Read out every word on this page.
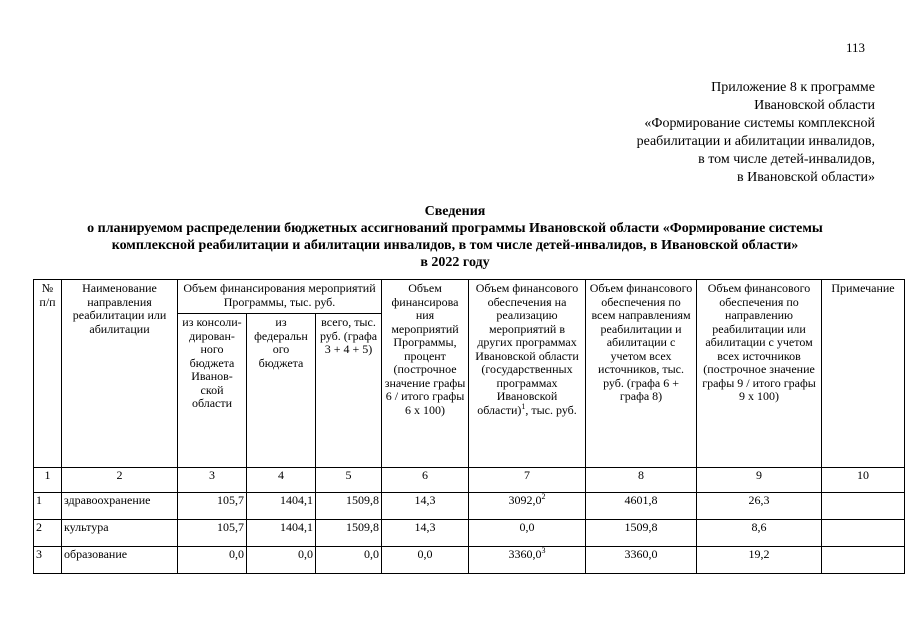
113
Приложение 8 к программе
Ивановской области
«Формирование системы комплексной
реабилитации и абилитации инвалидов,
в том числе детей-инвалидов,
в Ивановской области»
Сведения
о планируемом распределении бюджетных ассигнований программы Ивановской области «Формирование системы
комплексной реабилитации и абилитации инвалидов, в том числе детей-инвалидов, в Ивановской области»
в 2022 году
№ п/п	Наименование направления реабилитации или абилитации	Объем финансирования мероприятий Программы, тыс. руб.			Объем финансирова ния мероприятий Программы, процент (построчное значение графы 6 / итого графы 6 х 100)	Объем финансового обеспечения на реализацию мероприятий в других программах Ивановской области (государственных программах Ивановской области)$^1$, тыс. руб.	Объем финансового обеспечения по всем направлениям реабилитации и абилитации с учетом всех источников, тыс. руб. (графа 6 + графа 8)	Объем финансового обеспечения по направлению реабилитации или абилитации с учетом всех источников (построчное значение графы 9 / итого графы 9 х 100)	Примечание
		из консоли-дирован-ного бюджета Иванов-ской области	из федеральн ого бюджета	всего, тыс. руб. (графа 3 + 4 + 5)					
1	2	3	4	5	6	7	8	9	10
1	здравоохранение	105,7	1404,1	1509,8	14,3	3092,0$^2$	4601,8	26,3	
2	культура	105,7	1404,1	1509,8	14,3	0,0	1509,8	8,6	
3	образование	0,0	0,0	0,0	0,0	3360,0$^3$	3360,0	19,2	
